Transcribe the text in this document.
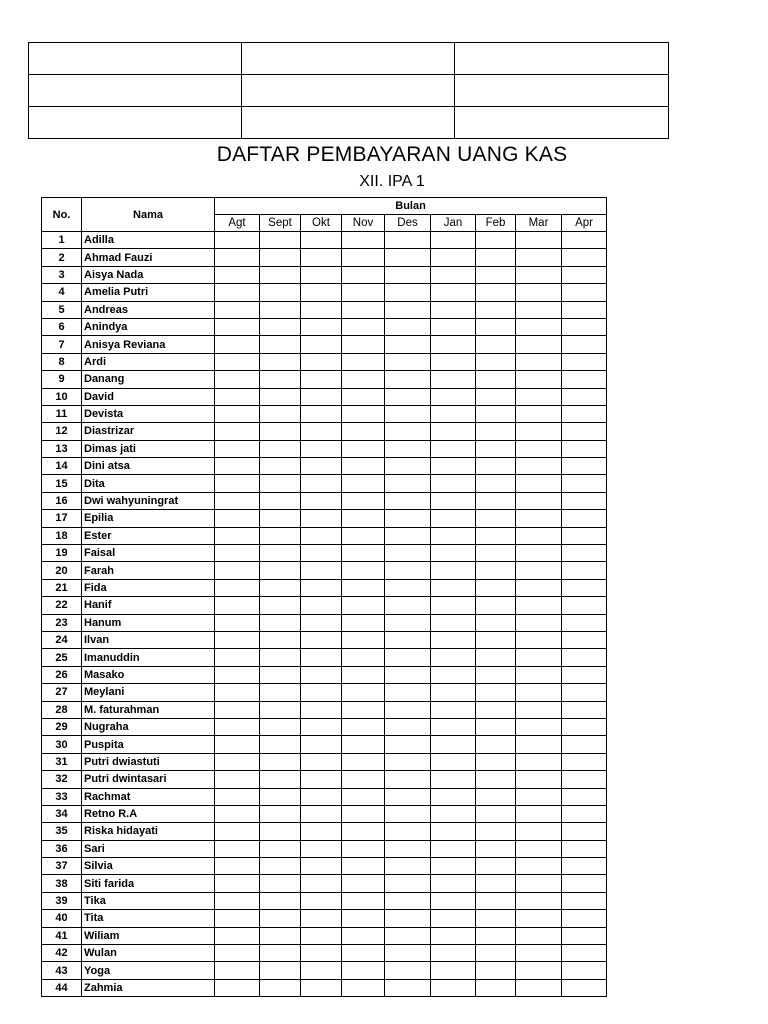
DAFTAR PEMBAYARAN UANG KAS
XII. IPA 1
No.	Nama	Bulan								
		Agt	Sept	Okt	Nov	Des	Jan	Feb	Mar	Apr
1	Adilla									
2	Ahmad Fauzi									
3	Aisya Nada									
4	Amelia Putri									
5	Andreas									
6	Anindya									
7	Anisya Reviana									
8	Ardi									
9	Danang									
10	David									
11	Devista									
12	Diastrizar									
13	Dimas jati									
14	Dini atsa									
15	Dita									
16	Dwi wahyuningrat									
17	Epilia									
18	Ester									
19	Faisal									
20	Farah									
21	Fida									
22	Hanif									
23	Hanum									
24	Ilvan									
25	Imanuddin									
26	Masako									
27	Meylani									
28	M. faturahman									
29	Nugraha									
30	Puspita									
31	Putri dwiastuti									
32	Putri dwintasari									
33	Rachmat									
34	Retno R.A									
35	Riska hidayati									
36	Sari									
37	Silvia									
38	Siti farida									
39	Tika									
40	Tita									
41	Wiliam									
42	Wulan									
43	Yoga									
44	Zahmia									
